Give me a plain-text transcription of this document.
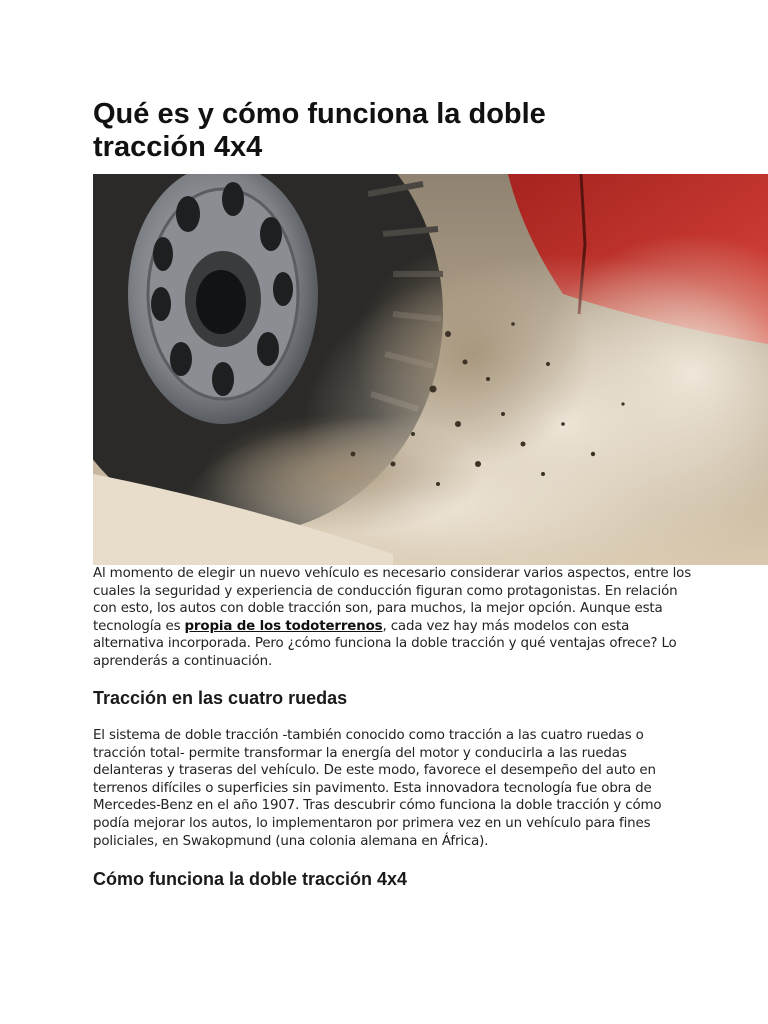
Qué es y cómo funciona la doble tracción 4x4

Al momento de elegir un nuevo vehículo es necesario considerar varios aspectos, entre los cuales la seguridad y experiencia de conducción figuran como protagonistas. En relación con esto, los autos con doble tracción son, para muchos, la mejor opción. Aunque esta tecnología es propia de los todoterrenos, cada vez hay más modelos con esta alternativa incorporada. Pero ¿cómo funciona la doble tracción y qué ventajas ofrece? Lo aprenderás a continuación.

Tracción en las cuatro ruedas

El sistema de doble tracción -también conocido como tracción a las cuatro ruedas o tracción total- permite transformar la energía del motor y conducirla a las ruedas delanteras y traseras del vehículo. De este modo, favorece el desempeño del auto en terrenos difíciles o superficies sin pavimento. Esta innovadora tecnología fue obra de Mercedes-Benz en el año 1907. Tras descubrir cómo funciona la doble tracción y cómo podía mejorar los autos, lo implementaron por primera vez en un vehículo para fines policiales, en Swakopmund (una colonia alemana en África).

Cómo funciona la doble tracción 4x4
